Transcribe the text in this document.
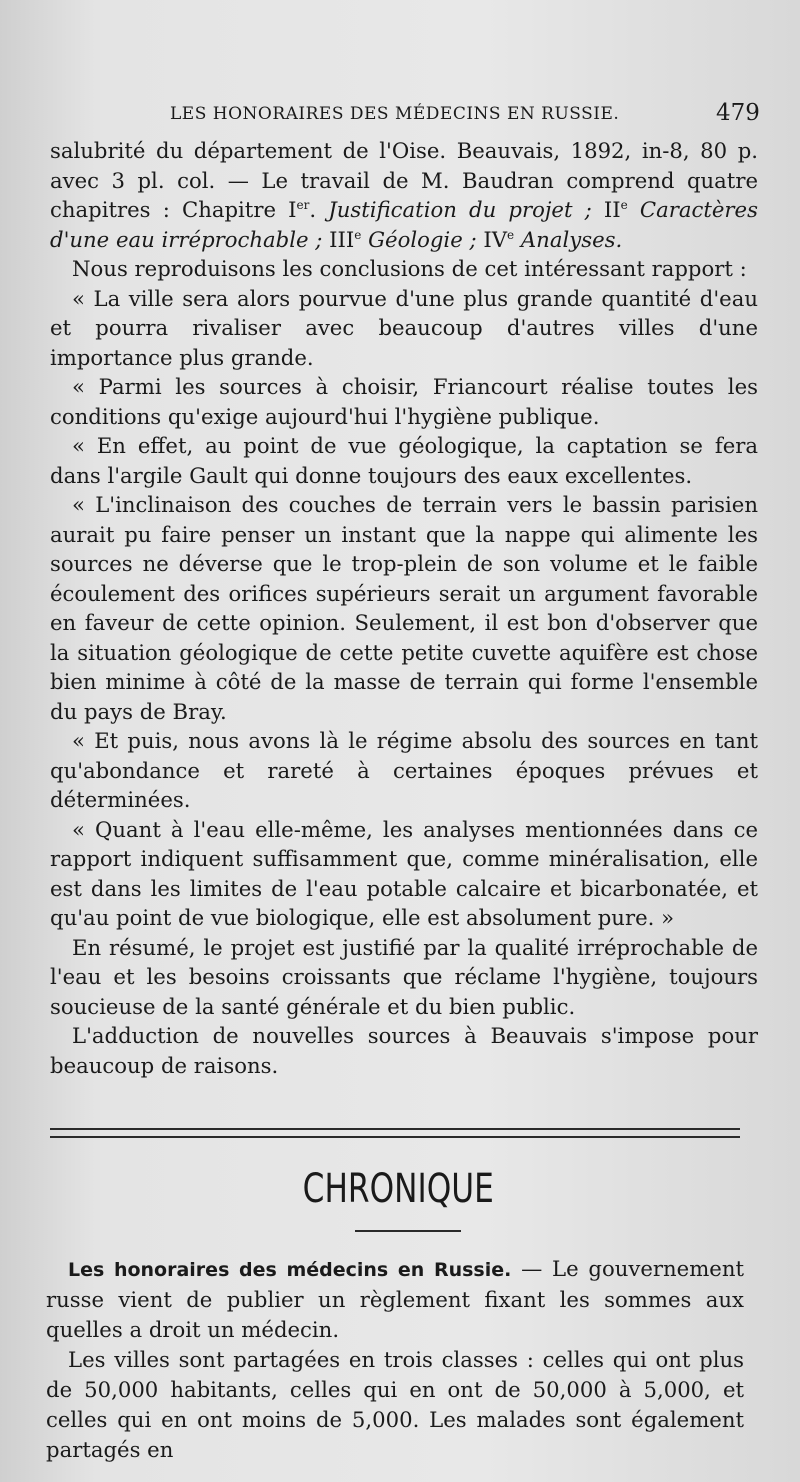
LES HONORAIRES DES MÉDECINS EN RUSSIE.	479

salubrité du département de l'Oise. Beauvais, 1892, in-8, 80 p. avec 3 pl. col. — Le travail de M. Baudran comprend quatre chapitres : Chapitre Ier. Justification du projet ; IIe Caractères d'une eau irréprochable ; IIIe Géologie ; IVe Analyses.

Nous reproduisons les conclusions de cet intéressant rapport :

« La ville sera alors pourvue d'une plus grande quantité d'eau et pourra rivaliser avec beaucoup d'autres villes d'une importance plus grande.

« Parmi les sources à choisir, Friancourt réalise toutes les conditions qu'exige aujourd'hui l'hygiène publique.

« En effet, au point de vue géologique, la captation se fera dans l'argile Gault qui donne toujours des eaux excellentes.

« L'inclinaison des couches de terrain vers le bassin parisien aurait pu faire penser un instant que la nappe qui alimente les sources ne déverse que le trop-plein de son volume et le faible écoulement des orifices supérieurs serait un argument favorable en faveur de cette opinion. Seulement, il est bon d'observer que la situation géologique de cette petite cuvette aquifère est chose bien minime à côté de la masse de terrain qui forme l'ensemble du pays de Bray.

« Et puis, nous avons là le régime absolu des sources en tant qu'abondance et rareté à certaines époques prévues et déterminées.

« Quant à l'eau elle-même, les analyses mentionnées dans ce rapport indiquent suffisamment que, comme minéralisation, elle est dans les limites de l'eau potable calcaire et bicarbonatée, et qu'au point de vue biologique, elle est absolument pure. »

En résumé, le projet est justifié par la qualité irréprochable de l'eau et les besoins croissants que réclame l'hygiène, toujours soucieuse de la santé générale et du bien public.

L'adduction de nouvelles sources à Beauvais s'impose pour beaucoup de raisons.

CHRONIQUE

Les honoraires des médecins en Russie. — Le gouvernement russe vient de publier un règlement fixant les sommes aux quelles a droit un médecin.

Les villes sont partagées en trois classes : celles qui ont plus de 50,000 habitants, celles qui en ont de 50,000 à 5,000, et celles qui en ont moins de 5,000. Les malades sont également partagés en
